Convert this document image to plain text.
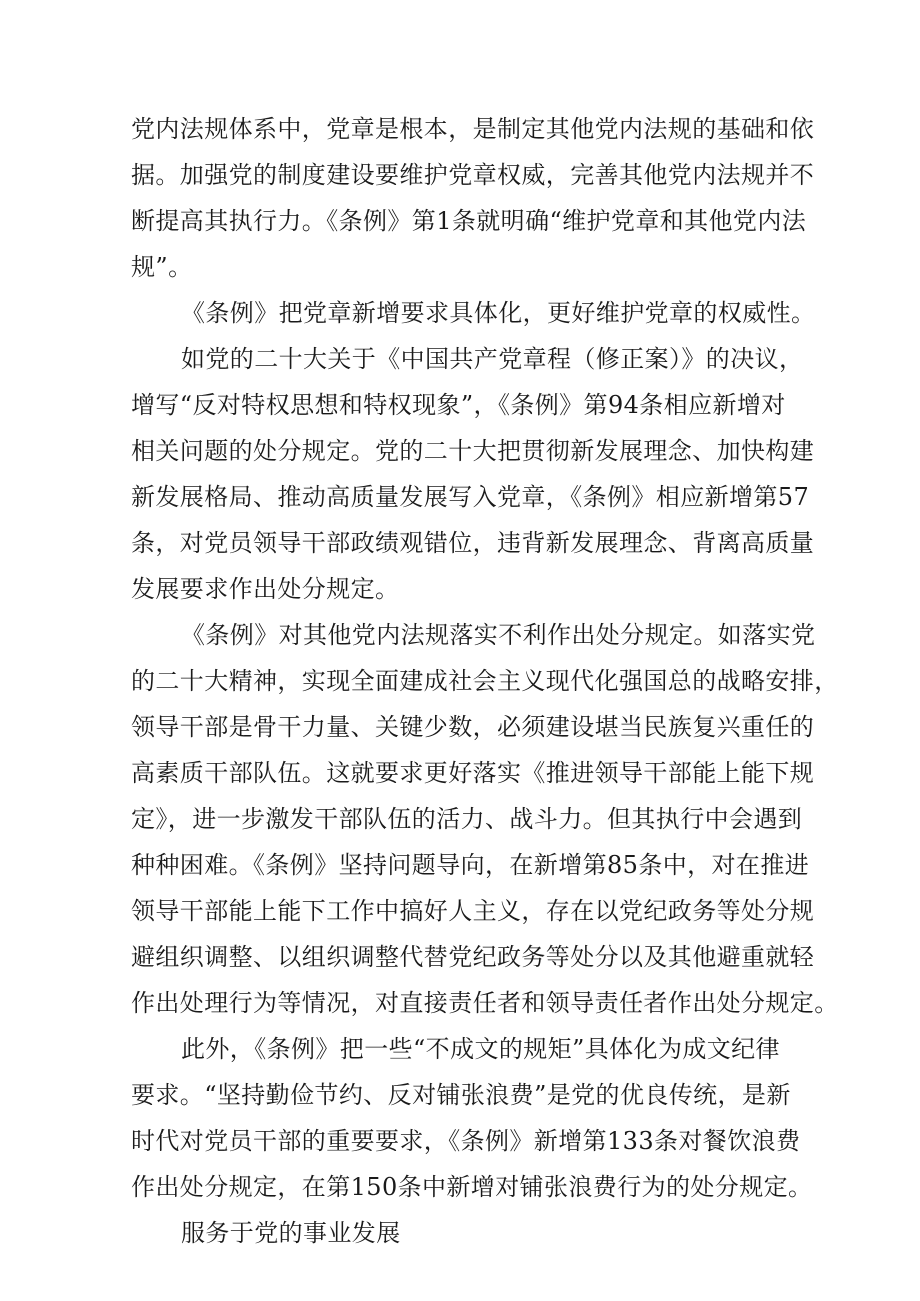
党内法规体系中，党章是根本，是制定其他党内法规的基础和依
据。加强党的制度建设要维护党章权威，完善其他党内法规并不
断提高其执行力。《条例》第1条就明确“维护党章和其他党内法
规”。
《条例》把党章新增要求具体化，更好维护党章的权威性。
如党的二十大关于《中国共产党章程（修正案）》的决议，
增写“反对特权思想和特权现象”，《条例》第94条相应新增对
相关问题的处分规定。党的二十大把贯彻新发展理念、加快构建
新发展格局、推动高质量发展写入党章，《条例》相应新增第57
条，对党员领导干部政绩观错位，违背新发展理念、背离高质量
发展要求作出处分规定。
《条例》对其他党内法规落实不利作出处分规定。如落实党
的二十大精神，实现全面建成社会主义现代化强国总的战略安排，
领导干部是骨干力量、关键少数，必须建设堪当民族复兴重任的
高素质干部队伍。这就要求更好落实《推进领导干部能上能下规
定》，进一步激发干部队伍的活力、战斗力。但其执行中会遇到
种种困难。《条例》坚持问题导向，在新增第85条中，对在推进
领导干部能上能下工作中搞好人主义，存在以党纪政务等处分规
避组织调整、以组织调整代替党纪政务等处分以及其他避重就轻
作出处理行为等情况，对直接责任者和领导责任者作出处分规定。
此外，《条例》把一些“不成文的规矩”具体化为成文纪律
要求。“坚持勤俭节约、反对铺张浪费”是党的优良传统，是新
时代对党员干部的重要要求，《条例》新增第133条对餐饮浪费
作出处分规定，在第150条中新增对铺张浪费行为的处分规定。
服务于党的事业发展
